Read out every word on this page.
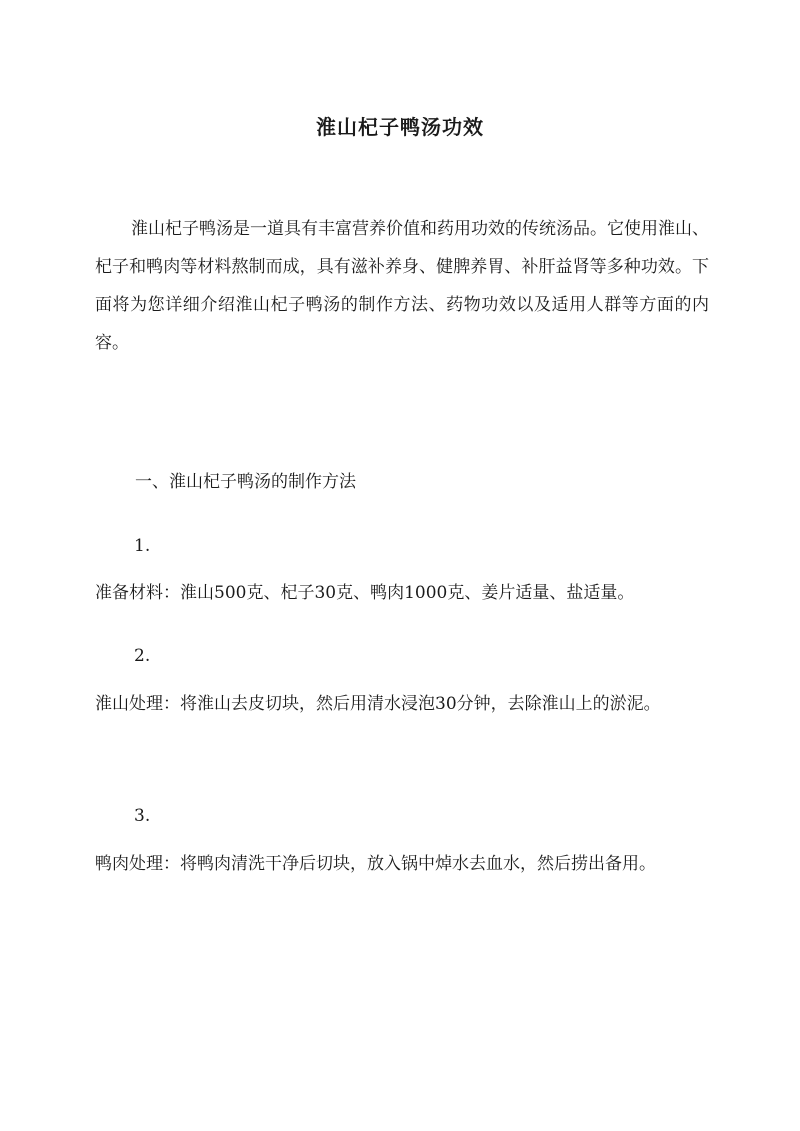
淮山杞子鸭汤功效

淮山杞子鸭汤是一道具有丰富营养价值和药用功效的传统汤品。它使用淮山、杞子和鸭肉等材料熬制而成，具有滋补养身、健脾养胃、补肝益肾等多种功效。下面将为您详细介绍淮山杞子鸭汤的制作方法、药物功效以及适用人群等方面的内容。

一、淮山杞子鸭汤的制作方法

1.

准备材料：淮山500克、杞子30克、鸭肉1000克、姜片适量、盐适量。

2.

淮山处理：将淮山去皮切块，然后用清水浸泡30分钟，去除淮山上的淤泥。

3.

鸭肉处理：将鸭肉清洗干净后切块，放入锅中焯水去血水，然后捞出备用。
